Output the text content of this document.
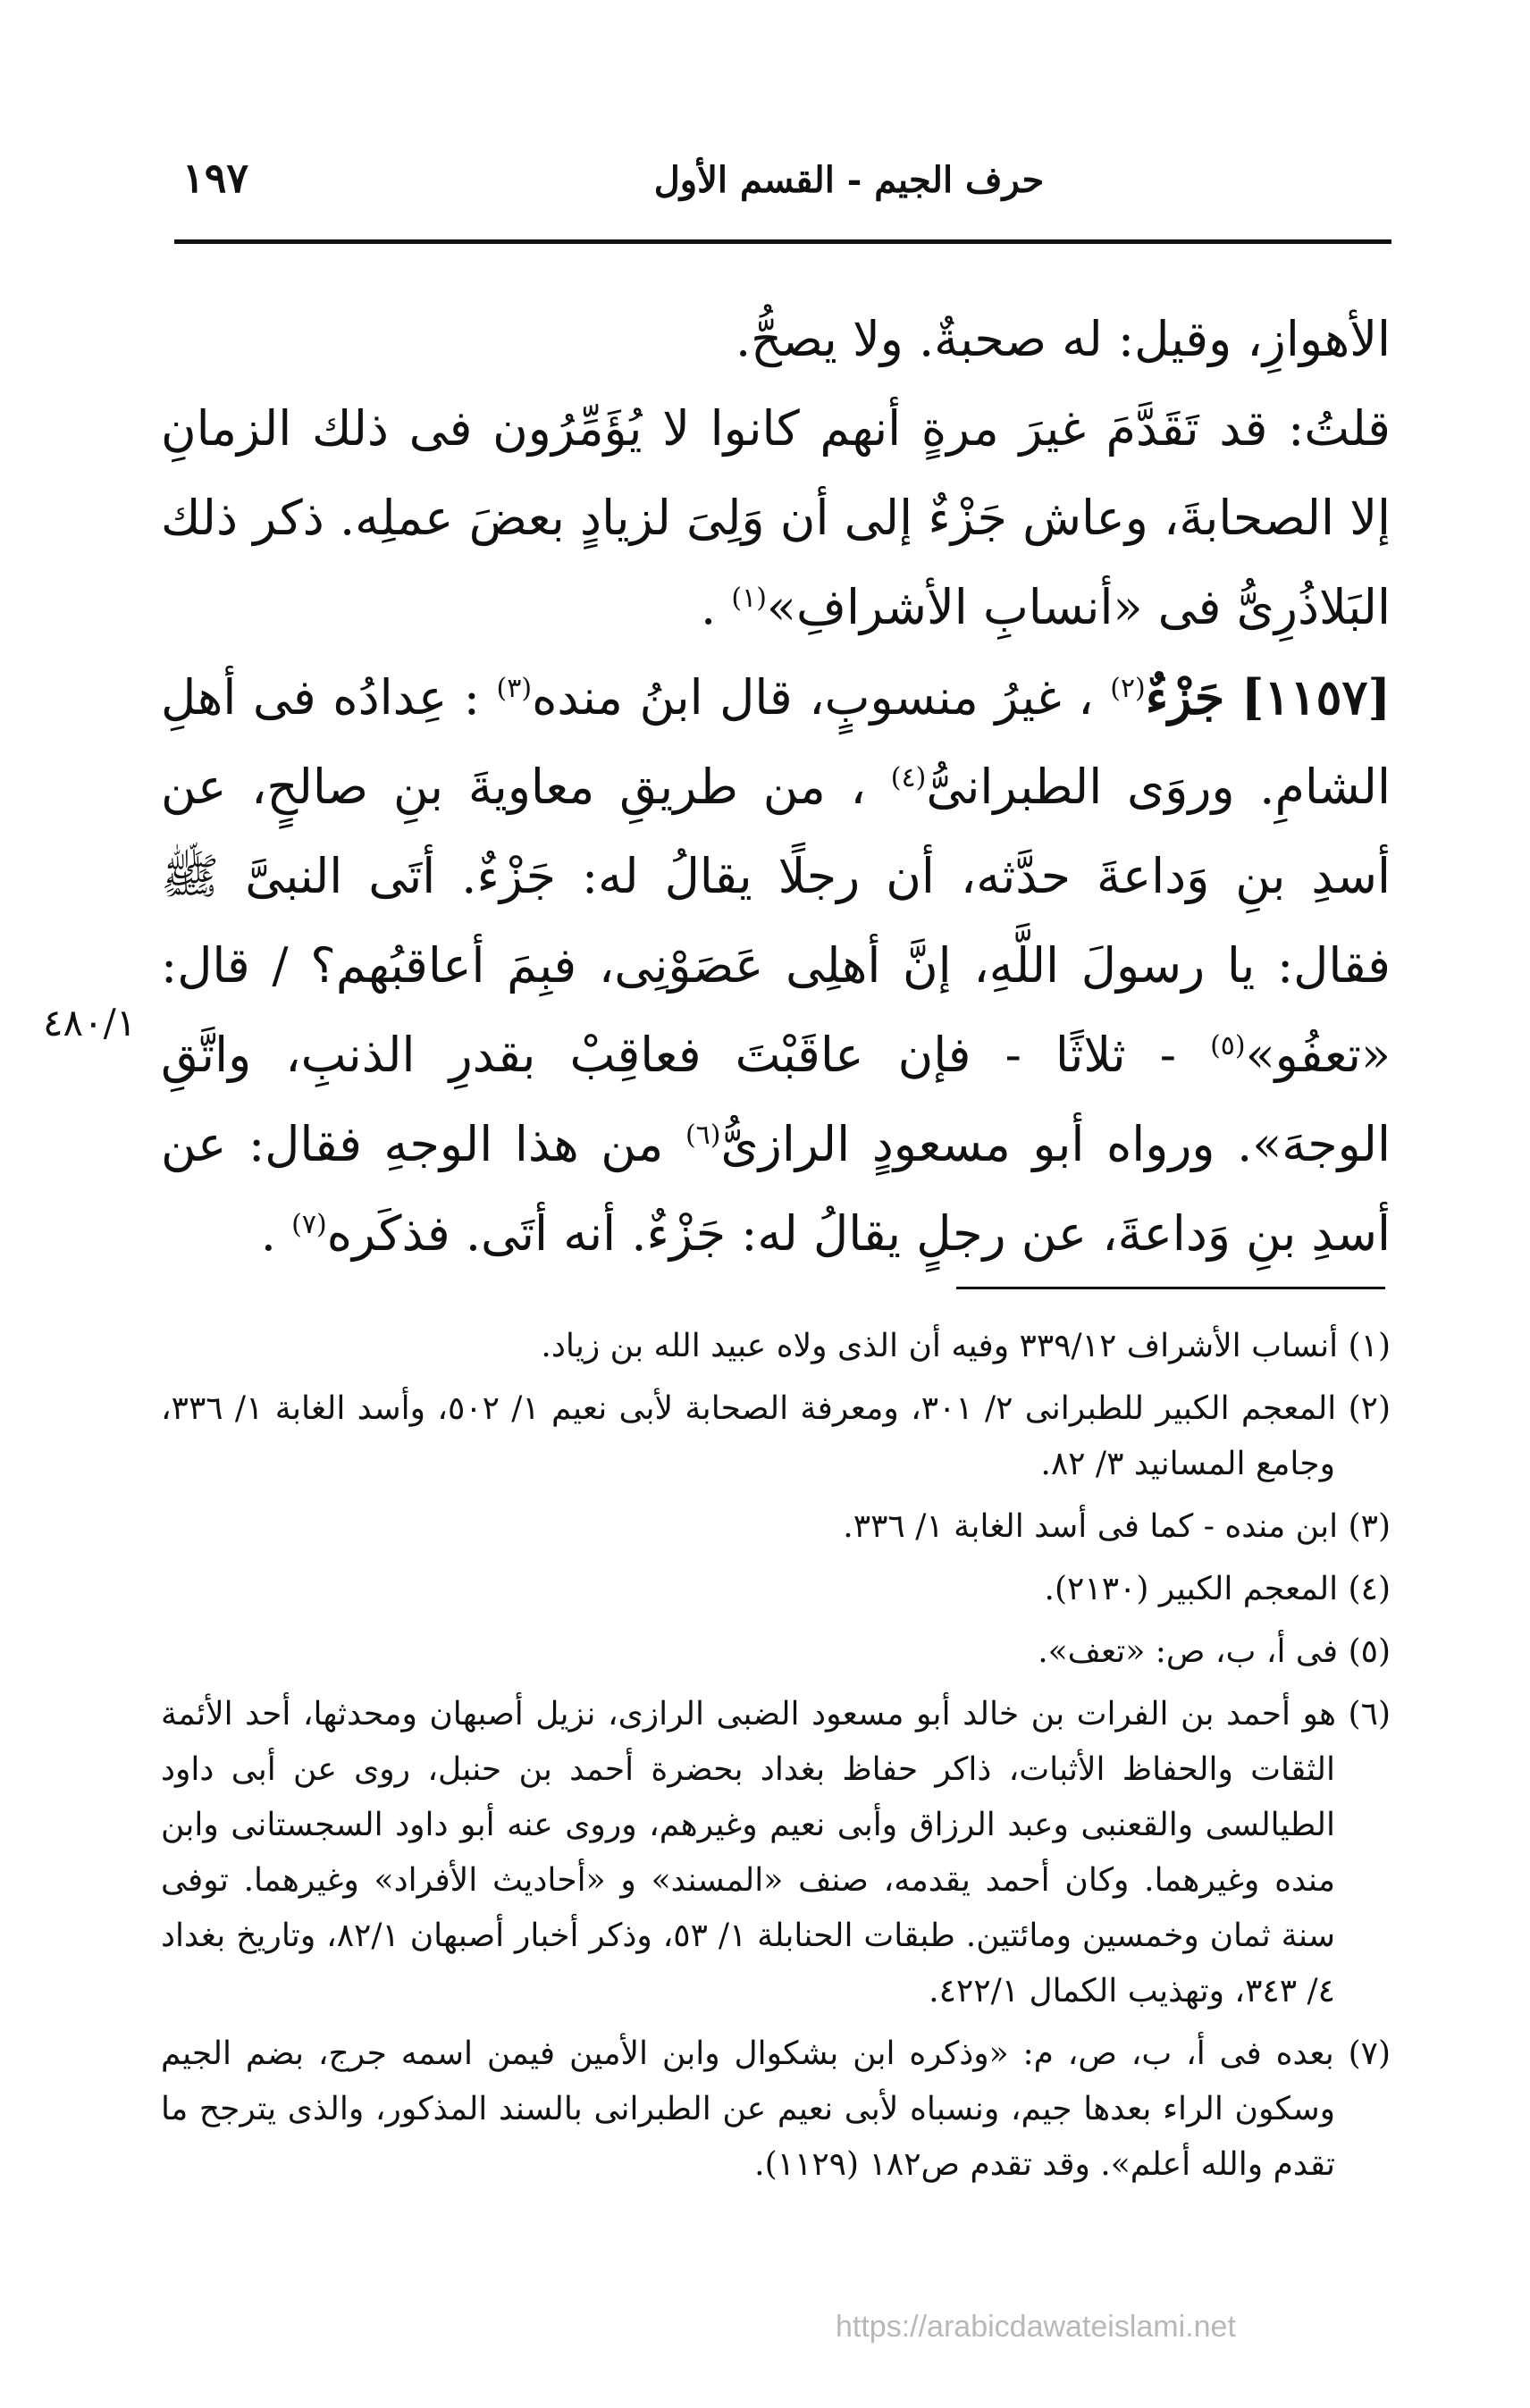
١٩٧	حرف الجيم - القسم الأول

الأهوازِ، وقيل: له صحبةٌ. ولا يصحُّ.

قلتُ: قد تَقَدَّمَ غيرَ مرةٍ أنهم كانوا لا يُؤَمِّرُون فى ذلك الزمانِ إلا الصحابةَ، وعاش جَزْءٌ إلى أن وَلِىَ لزيادٍ بعضَ عملِه. ذكر ذلك البَلاذُرِىُّ فى «أنسابِ الأشرافِ»$^{(١)}$ .

[١١٥٧] جَزْءٌ$^{(٢)}$ ، غيرُ منسوبٍ، قال ابنُ منده$^{(٣)}$ : عِدادُه فى أهلِ الشامِ. وروَى الطبرانىُّ$^{(٤)}$ ، من طريقِ معاويةَ بنِ صالحٍ، عن أسدِ بنِ وَداعةَ حدَّثه، أن رجلًا يقالُ له: جَزْءٌ. أتَى النبىَّ ﷺ فقال: يا رسولَ اللَّهِ، إنَّ أهلِى عَصَوْنِى، فبِمَ أعاقبُهم؟ / قال: «تعفُو»$^{(٥)}$ - ثلاثًا - فإن عاقَبْتَ فعاقِبْ بقدرِ الذنبِ، واتَّقِ الوجهَ». ورواه أبو مسعودٍ الرازىُّ$^{(٦)}$ من هذا الوجهِ فقال: عن أسدِ بنِ وَداعةَ، عن رجلٍ يقالُ له: جَزْءٌ. أنه أتَى. فذكَره$^{(٧)}$ .

٤٨٠/١

(١) أنساب الأشراف ٣٣٩/١٢ وفيه أن الذى ولاه عبيد الله بن زياد.

(٢) المعجم الكبير للطبرانى ٢/ ٣٠١، ومعرفة الصحابة لأبى نعيم ١/ ٥٠٢، وأسد الغابة ١/ ٣٣٦، وجامع المسانيد ٣/ ٨٢.

(٣) ابن منده - كما فى أسد الغابة ١/ ٣٣٦.

(٤) المعجم الكبير (٢١٣٠).

(٥) فى أ، ب، ص: «تعف».

(٦) هو أحمد بن الفرات بن خالد أبو مسعود الضبى الرازى، نزيل أصبهان ومحدثها، أحد الأئمة الثقات والحفاظ الأثبات، ذاكر حفاظ بغداد بحضرة أحمد بن حنبل، روى عن أبى داود الطيالسى والقعنبى وعبد الرزاق وأبى نعيم وغيرهم، وروى عنه أبو داود السجستانى وابن منده وغيرهما. وكان أحمد يقدمه، صنف «المسند» و «أحاديث الأفراد» وغيرهما. توفى سنة ثمان وخمسين ومائتين. طبقات الحنابلة ١/ ٥٣، وذكر أخبار أصبهان ٨٢/١، وتاريخ بغداد ٤/ ٣٤٣، وتهذيب الكمال ٤٢٢/١.

(٧) بعده فى أ، ب، ص، م: «وذكره ابن بشكوال وابن الأمين فيمن اسمه جرج، بضم الجيم وسكون الراء بعدها جيم، ونسباه لأبى نعيم عن الطبرانى بالسند المذكور، والذى يترجح ما تقدم والله أعلم». وقد تقدم ص١٨٢ (١١٢٩).

https://arabicdawateislami.net
